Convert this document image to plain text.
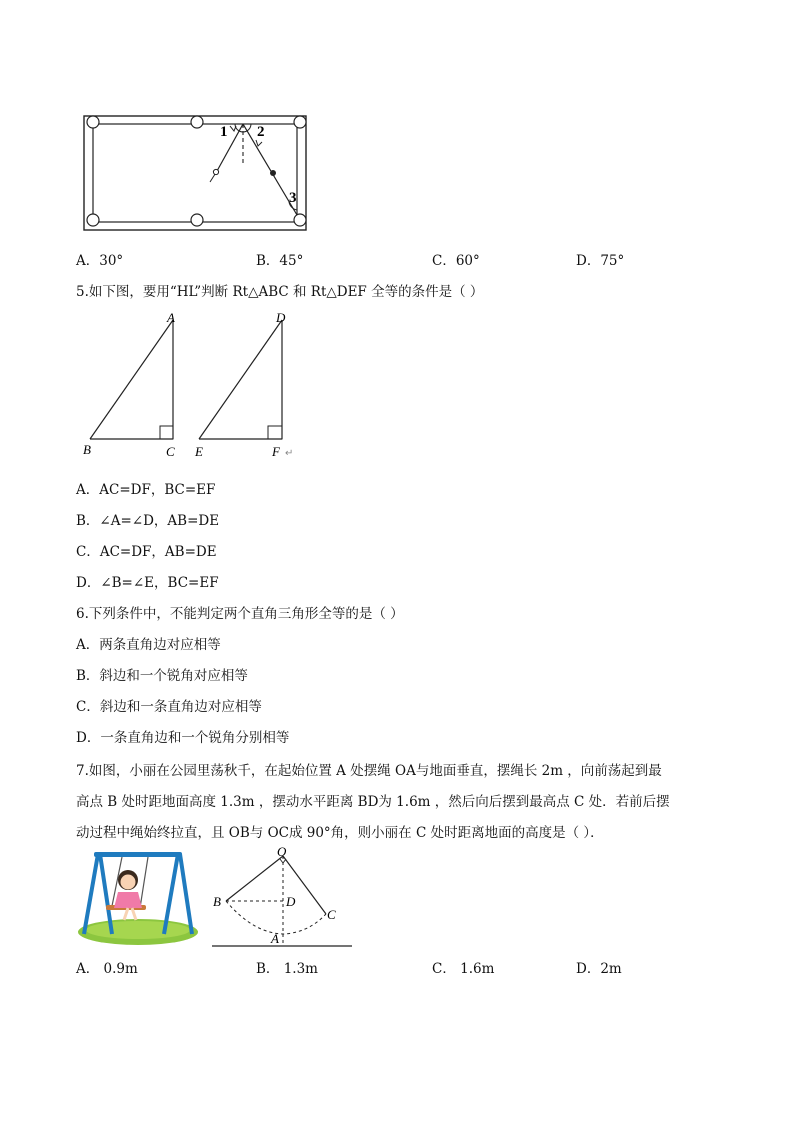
1 2
3
A．30°	B．45°	C．60°	D．75°
5.如下图，要用“HL”判断 Rt△ABC 和 Rt△DEF 全等的条件是（ ）
A
B	C
D
E	F ↵
A．AC=DF，BC=EF
B．∠A=∠D，AB=DE
C．AC=DF，AB=DE
D．∠B=∠E，BC=EF
6.下列条件中，不能判定两个直角三角形全等的是（ ）
A．两条直角边对应相等
B．斜边和一个锐角对应相等
C．斜边和一条直角边对应相等
D．一条直角边和一个锐角分别相等
7.如图，小丽在公园里荡秋千，在起始位置 A 处摆绳 OA与地面垂直，摆绳长 2m ，向前荡起到最
高点 B 处时距地面高度 1.3m ，摆动水平距离 BD为 1.6m ，然后向后摆到最高点 C 处．若前后摆
动过程中绳始终拉直，且 OB与 OC成 90°角，则小丽在 C 处时距离地面的高度是（ ）．
O
B	D
C
A
A． 0.9m	B． 1.3m	C． 1.6m	D．2m
